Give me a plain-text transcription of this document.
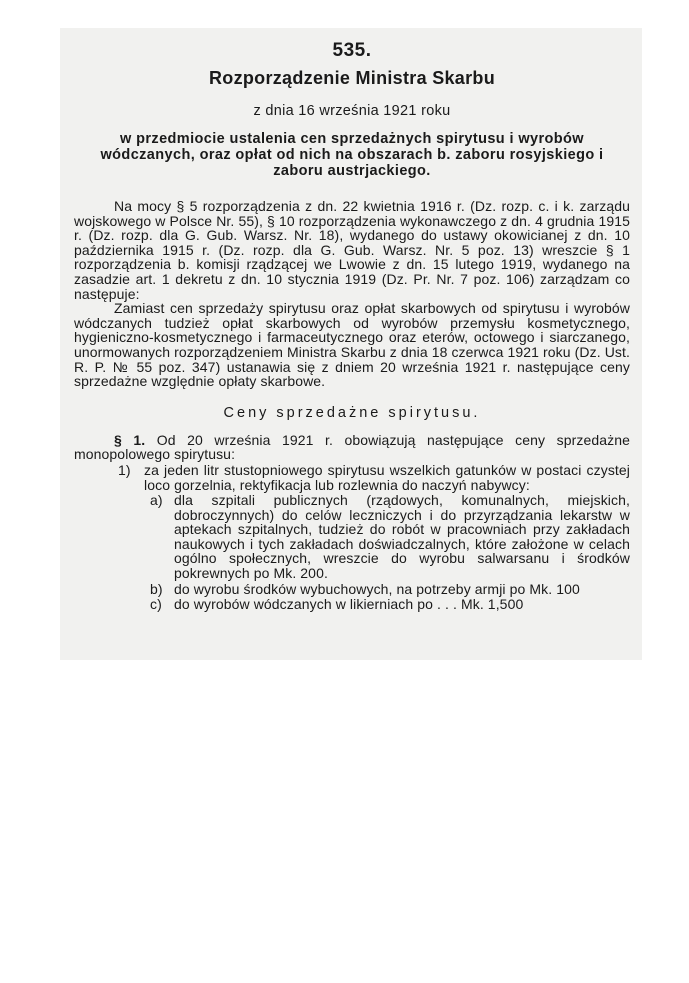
535.
Rozporządzenie Ministra Skarbu
z dnia 16 września 1921 roku
w przedmiocie ustalenia cen sprzedażnych spirytusu i wyrobów wódczanych, oraz opłat od nich na obszarach b. zaboru rosyjskiego i zaboru austrjackiego.

Na mocy § 5 rozporządzenia z dn. 22 kwietnia 1916 r. (Dz. rozp. c. i k. zarządu wojskowego w Polsce Nr. 55), § 10 rozporządzenia wykonawczego z dn. 4 grudnia 1915 r. (Dz. rozp. dla G. Gub. Warsz. Nr. 18), wydanego do ustawy okowicianej z dn. 10 października 1915 r. (Dz. rozp. dla G. Gub. Warsz. Nr. 5 poz. 13) wreszcie § 1 rozporządzenia b. komisji rządzącej we Lwowie z dn. 15 lutego 1919, wydanego na zasadzie art. 1 dekretu z dn. 10 stycznia 1919 (Dz. Pr. Nr. 7 poz. 106) zarządzam co następuje:

Zamiast cen sprzedaży spirytusu oraz opłat skarbowych od spirytusu i wyrobów wódczanych tudzież opłat skarbowych od wyrobów przemysłu kosmetycznego, hygieniczno-kosmetycznego i farmaceutycznego oraz eterów, octowego i siarczanego, unormowanych rozporządzeniem Ministra Skarbu z dnia 18 czerwca 1921 roku (Dz. Ust. R. P. № 55 poz. 347) ustanawia się z dniem 20 września 1921 r. następujące ceny sprzedażne względnie opłaty skarbowe.

Ceny sprzedażne spirytusu.

§ 1. Od 20 września 1921 r. obowiązują następujące ceny sprzedażne monopolowego spirytusu:

1) za jeden litr stustopniowego spirytusu wszelkich gatunków w postaci czystej loco gorzelnia, rektyfikacja lub rozlewnia do naczyń nabywcy:
a) dla szpitali publicznych (rządowych, komunalnych, miejskich, dobroczynnych) do celów leczniczych i do przyrządzania lekarstw w aptekach szpitalnych, tudzież do robót w pracowniach przy zakładach naukowych i tych zakładach doświadczalnych, które założone w celach ogólno społecznych, wreszcie do wyrobu salwarsanu i środków pokrewnych po Mk. 200.
b) do wyrobu środków wybuchowych, na potrzeby armji po Mk. 100
c) do wyrobów wódczanych w likierniach po . . . Mk. 1,500
